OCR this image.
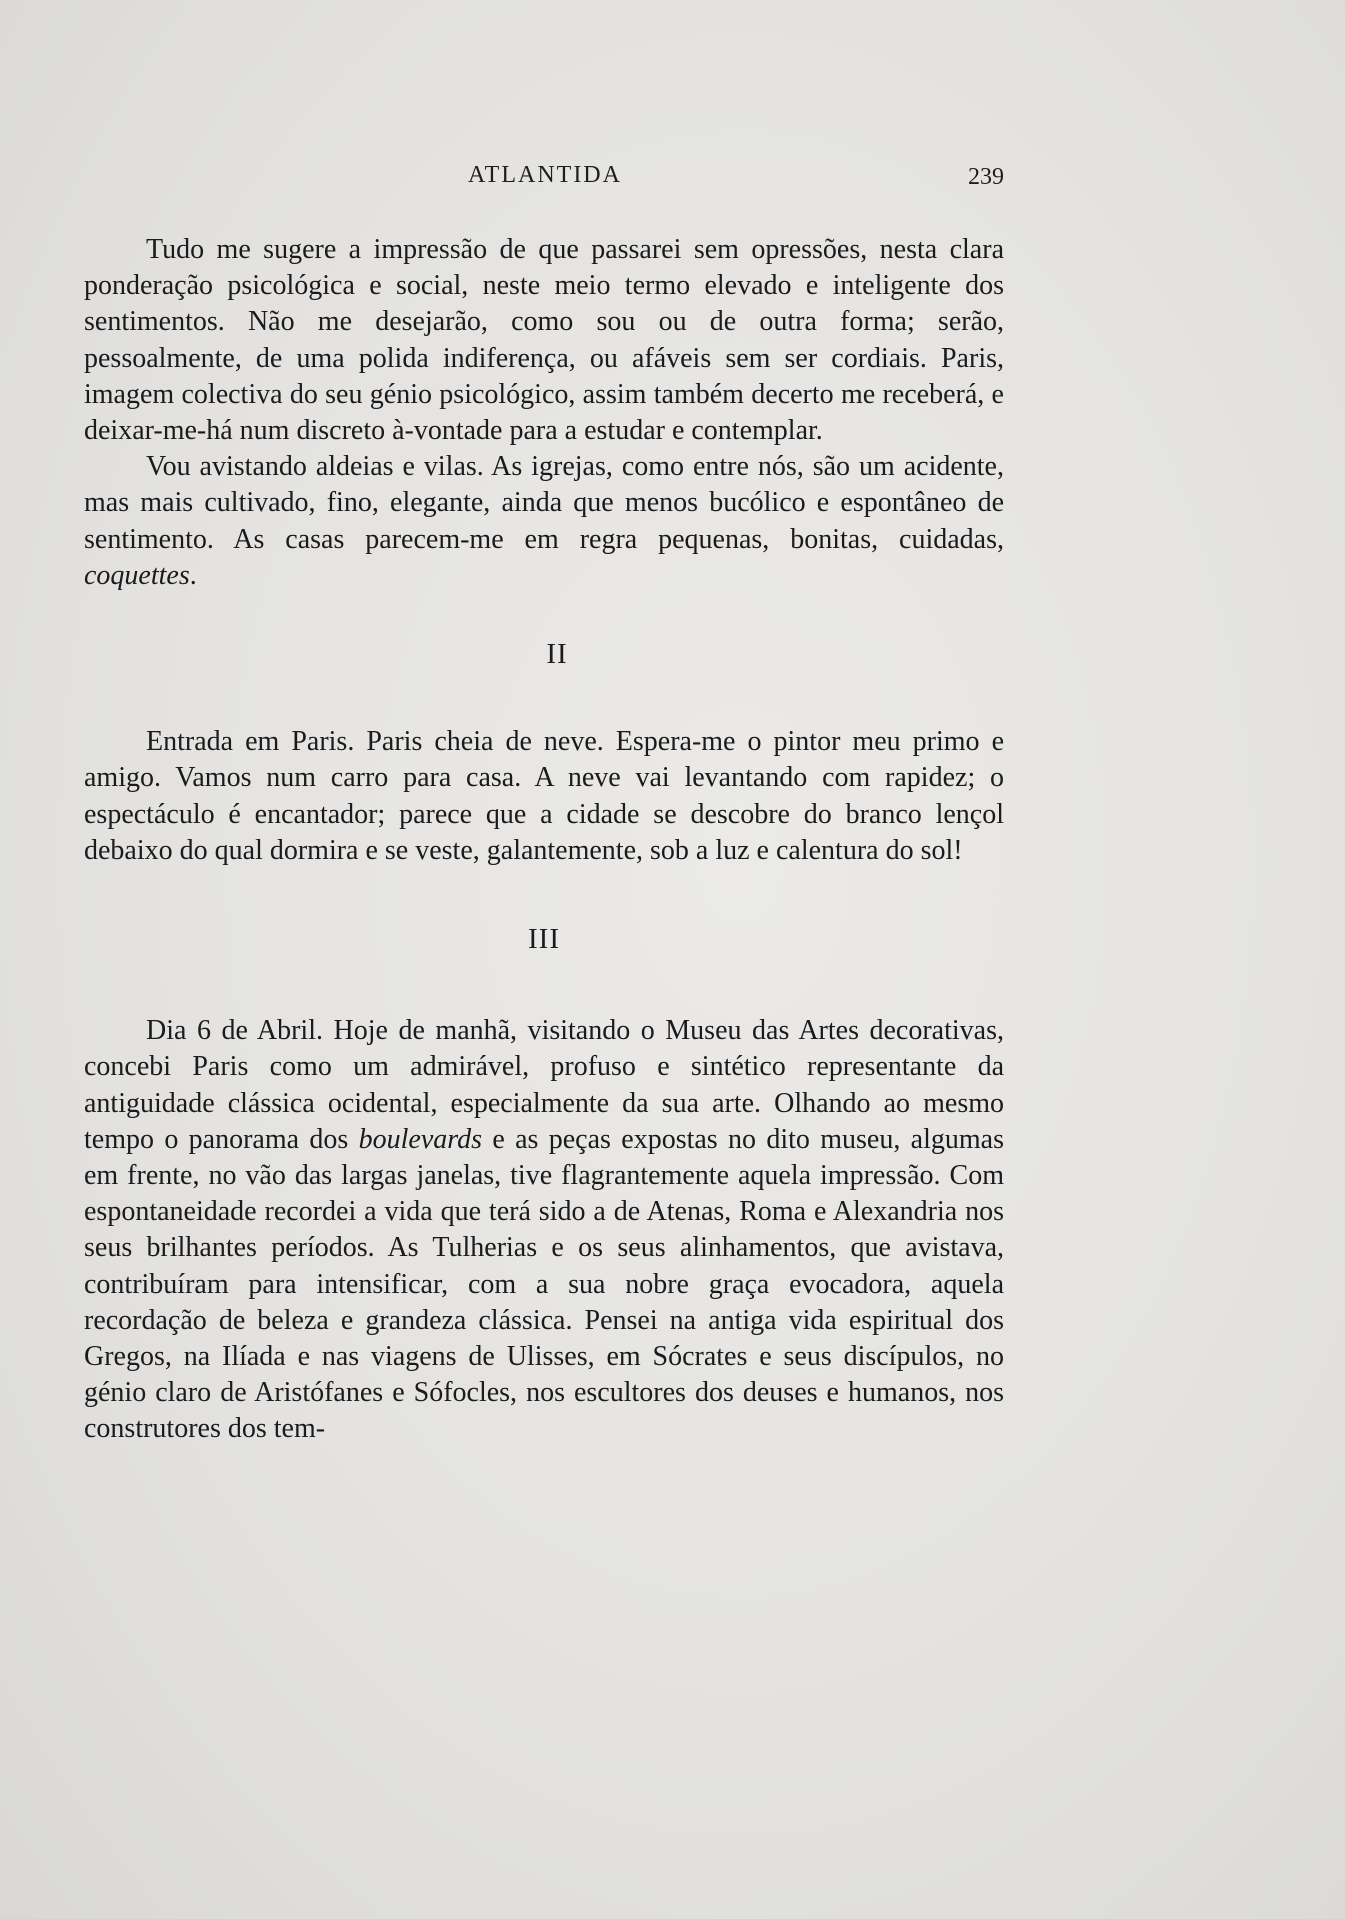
ATLANTIDA	239

Tudo me sugere a impressão de que passarei sem opressões, nesta clara ponderação psicológica e social, neste meio termo elevado e inteligente dos sentimentos. Não me desejarão, como sou ou de outra forma; serão, pessoalmente, de uma polida indiferença, ou afáveis sem ser cordiais. Paris, imagem colectiva do seu génio psicológico, assim também decerto me receberá, e deixar-me-há num discreto à-vontade para a estudar e contemplar.

Vou avistando aldeias e vilas. As igrejas, como entre nós, são um acidente, mas mais cultivado, fino, elegante, ainda que menos bucólico e espontâneo de sentimento. As casas parecem-me em regra pequenas, bonitas, cuidadas, coquettes.

II

Entrada em Paris. Paris cheia de neve. Espera-me o pintor meu primo e amigo. Vamos num carro para casa. A neve vai levantando com rapidez; o espectáculo é encantador; parece que a cidade se descobre do branco lençol debaixo do qual dormira e se veste, galantemente, sob a luz e calentura do sol!

III

Dia 6 de Abril. Hoje de manhã, visitando o Museu das Artes decorativas, concebi Paris como um admirável, profuso e sintético representante da antiguidade clássica ocidental, especialmente da sua arte. Olhando ao mesmo tempo o panorama dos boulevards e as peças expostas no dito museu, algumas em frente, no vão das largas janelas, tive flagrantemente aquela impressão. Com espontaneidade recordei a vida que terá sido a de Atenas, Roma e Alexandria nos seus brilhantes períodos. As Tulherias e os seus alinhamentos, que avistava, contribuíram para intensificar, com a sua nobre graça evocadora, aquela recordação de beleza e grandeza clássica. Pensei na antiga vida espiritual dos Gregos, na Ilíada e nas viagens de Ulisses, em Sócrates e seus discípulos, no génio claro de Aristófanes e Sófocles, nos escultores dos deuses e humanos, nos construtores dos tem-
